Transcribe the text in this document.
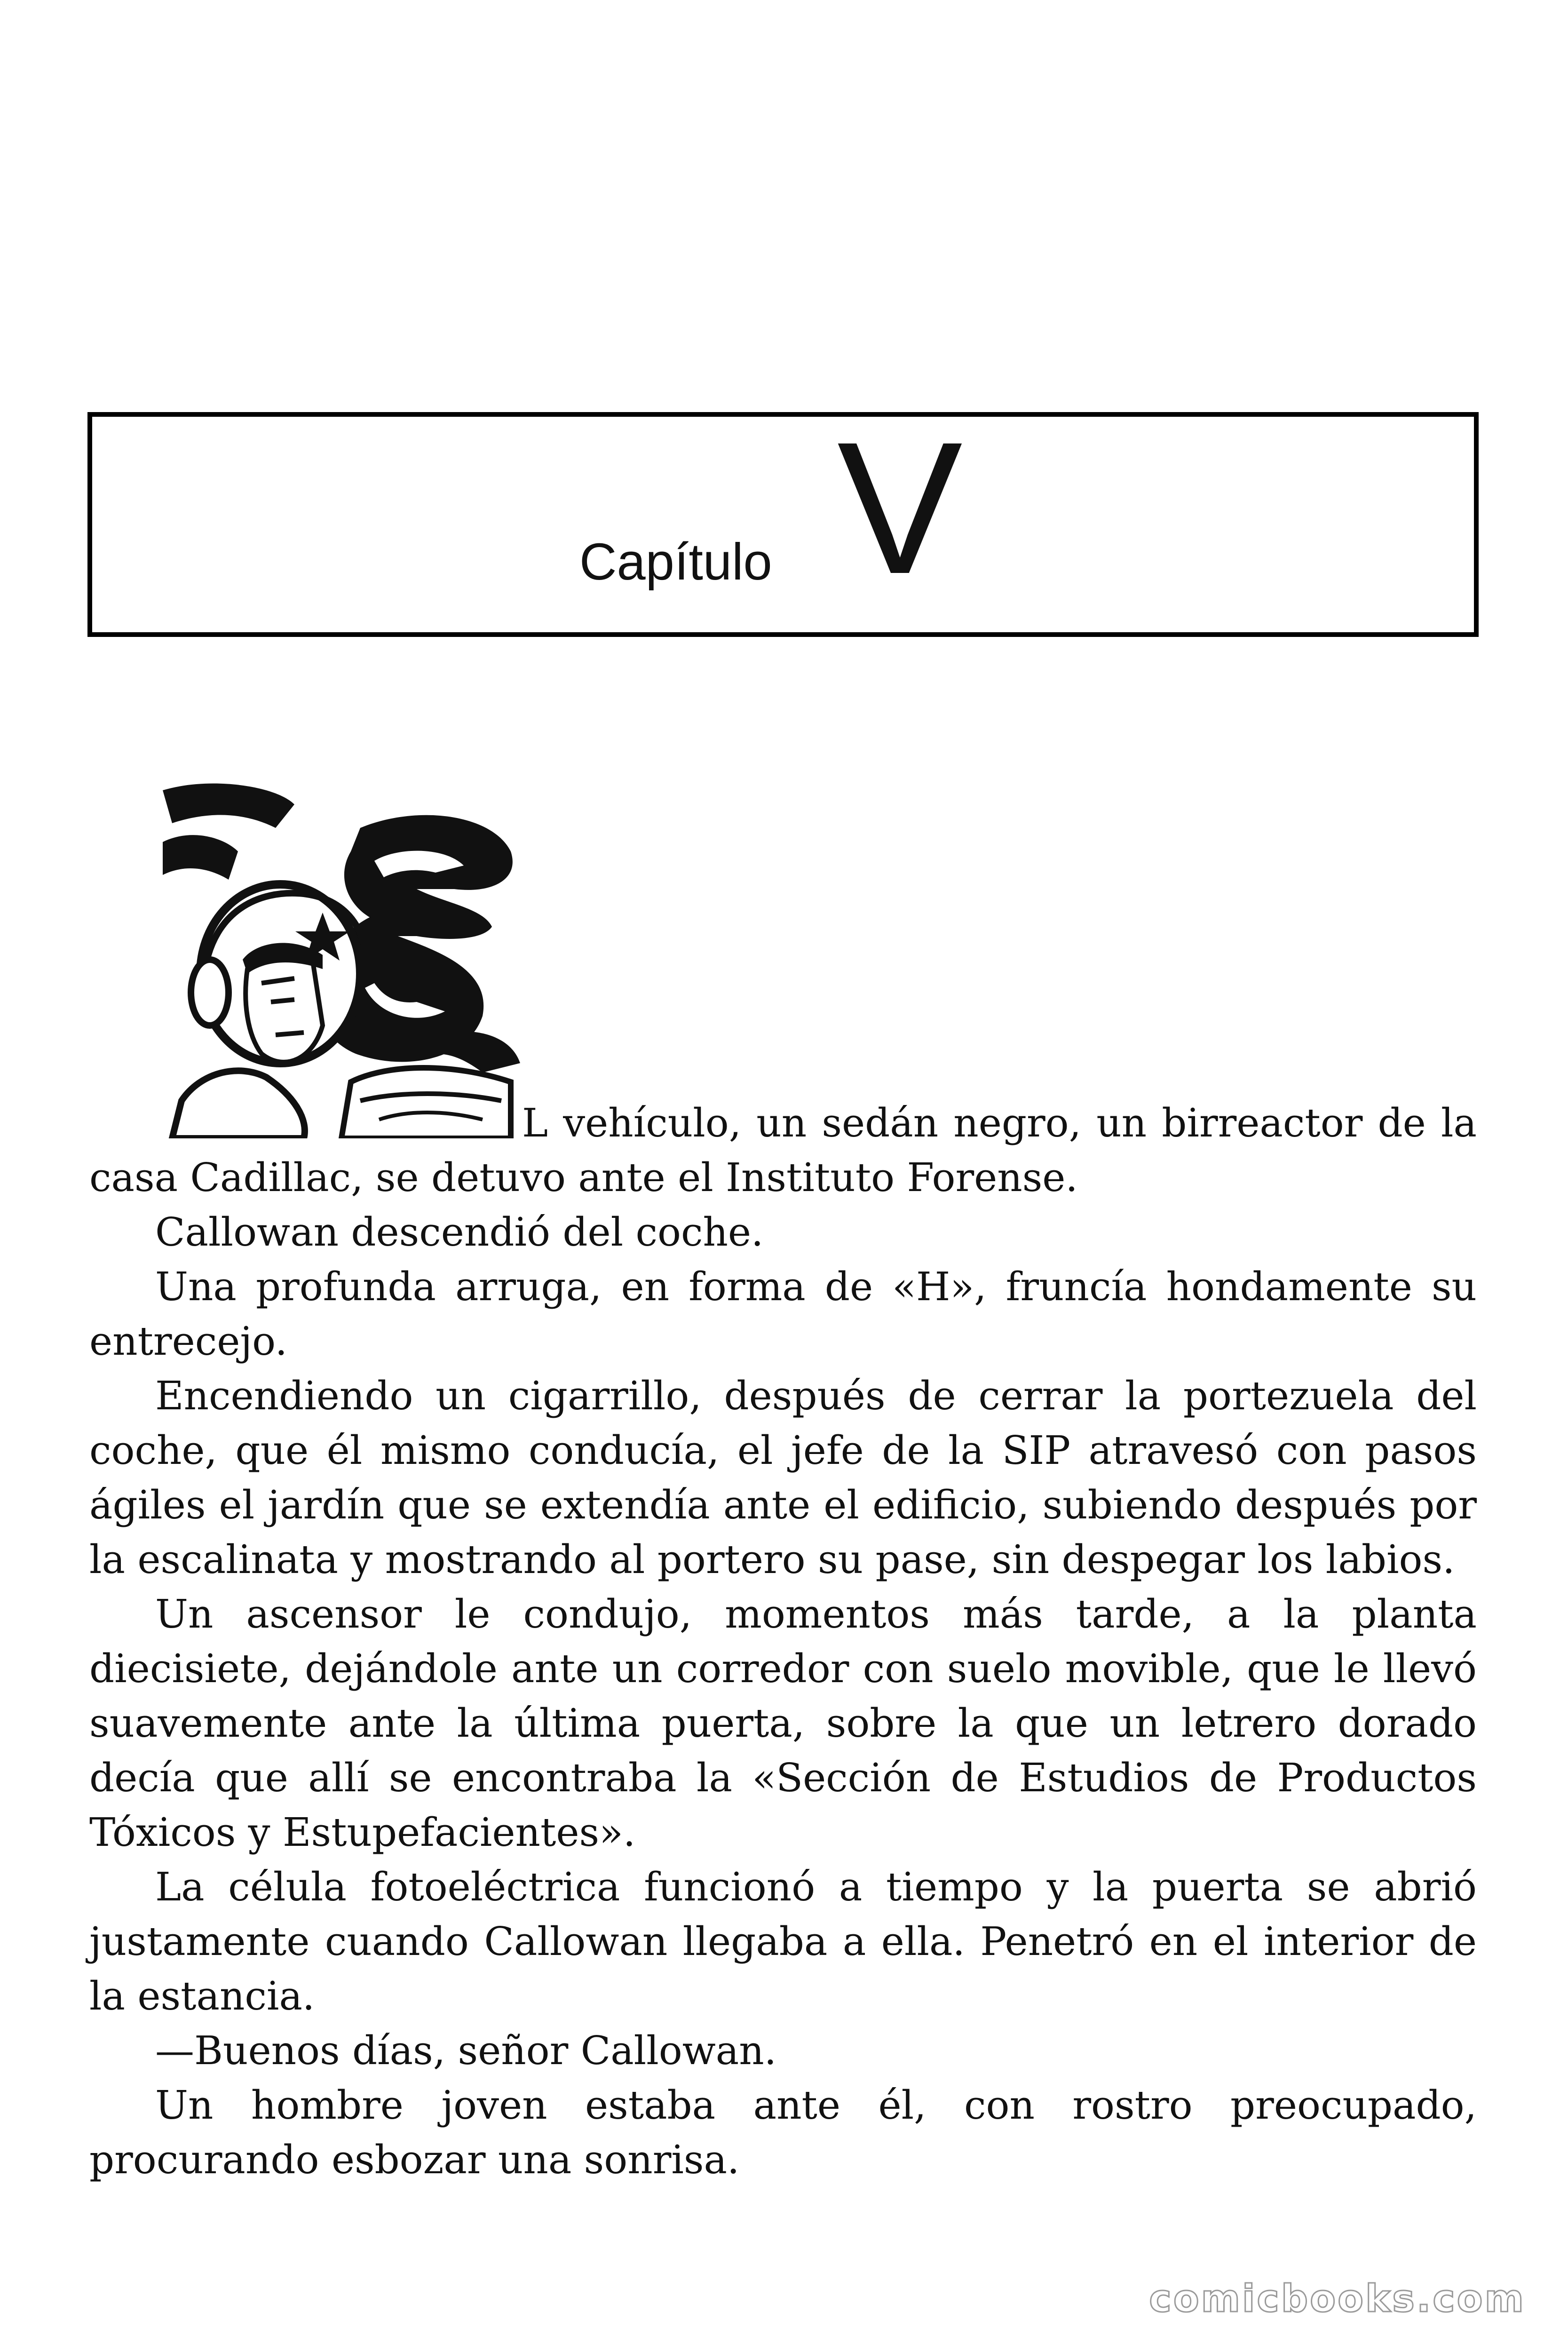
Capítulo V

L vehículo, un sedán negro, un birreactor de la casa Cadillac, se detuvo ante el Instituto Forense.

Callowan descendió del coche.

Una profunda arruga, en forma de «H», fruncía hondamente su entrecejo.

Encendiendo un cigarrillo, después de cerrar la portezuela del coche, que él mismo conducía, el jefe de la SIP atravesó con pasos ágiles el jardín que se extendía ante el edificio, subiendo después por la escalinata y mostrando al portero su pase, sin despegar los labios.

Un ascensor le condujo, momentos más tarde, a la planta diecisiete, dejándole ante un corredor con suelo movible, que le llevó suavemente ante la última puerta, sobre la que un letrero dorado decía que allí se encontraba la «Sección de Estudios de Productos Tóxicos y Estupefacientes».

La célula fotoeléctrica funcionó a tiempo y la puerta se abrió justamente cuando Callowan llegaba a ella. Penetró en el interior de la estancia.

—Buenos días, señor Callowan.

Un hombre joven estaba ante él, con rostro preocupado, procurando esbozar una sonrisa.

comicbooks.com
